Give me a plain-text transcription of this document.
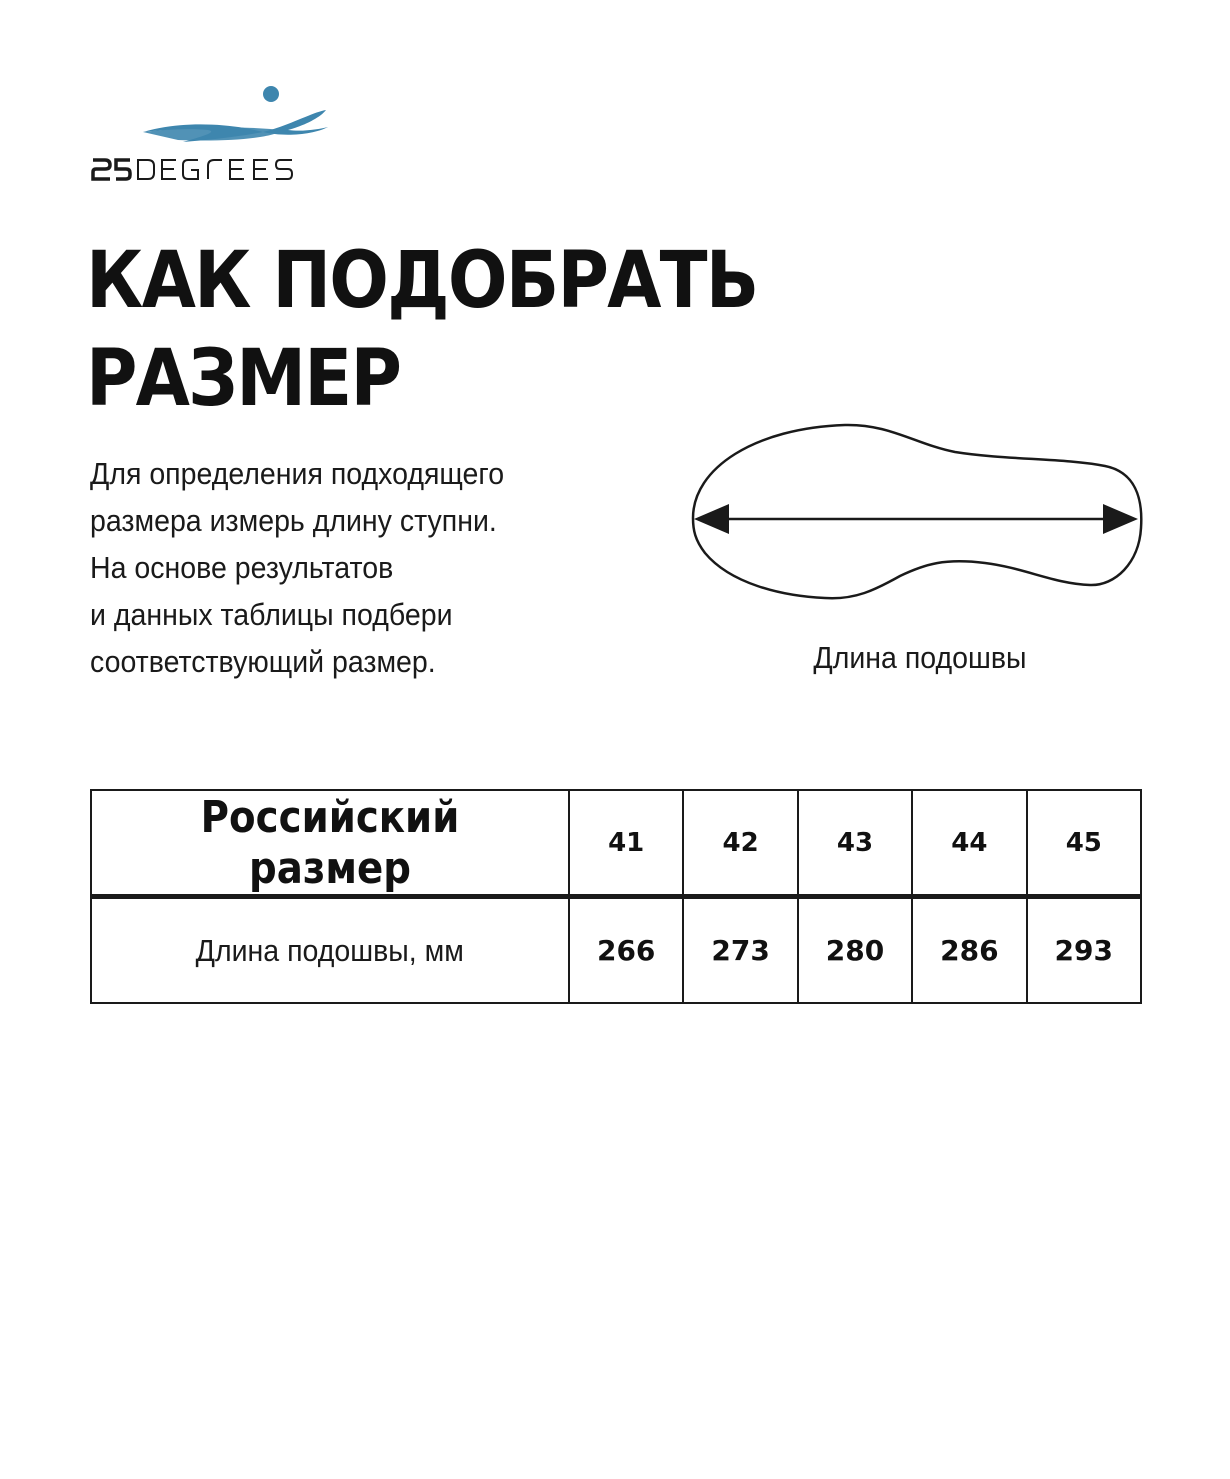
КАК ПОДОБРАТЬ
РАЗМЕР
Для определения подходящего
размера измерь длину ступни.
На основе результатов
и данных таблицы подбери
соответствующий размер.	Длина подошвы
Российский размер	41	42	43	44	45
Длина подошвы, мм	266	273	280	286	293
